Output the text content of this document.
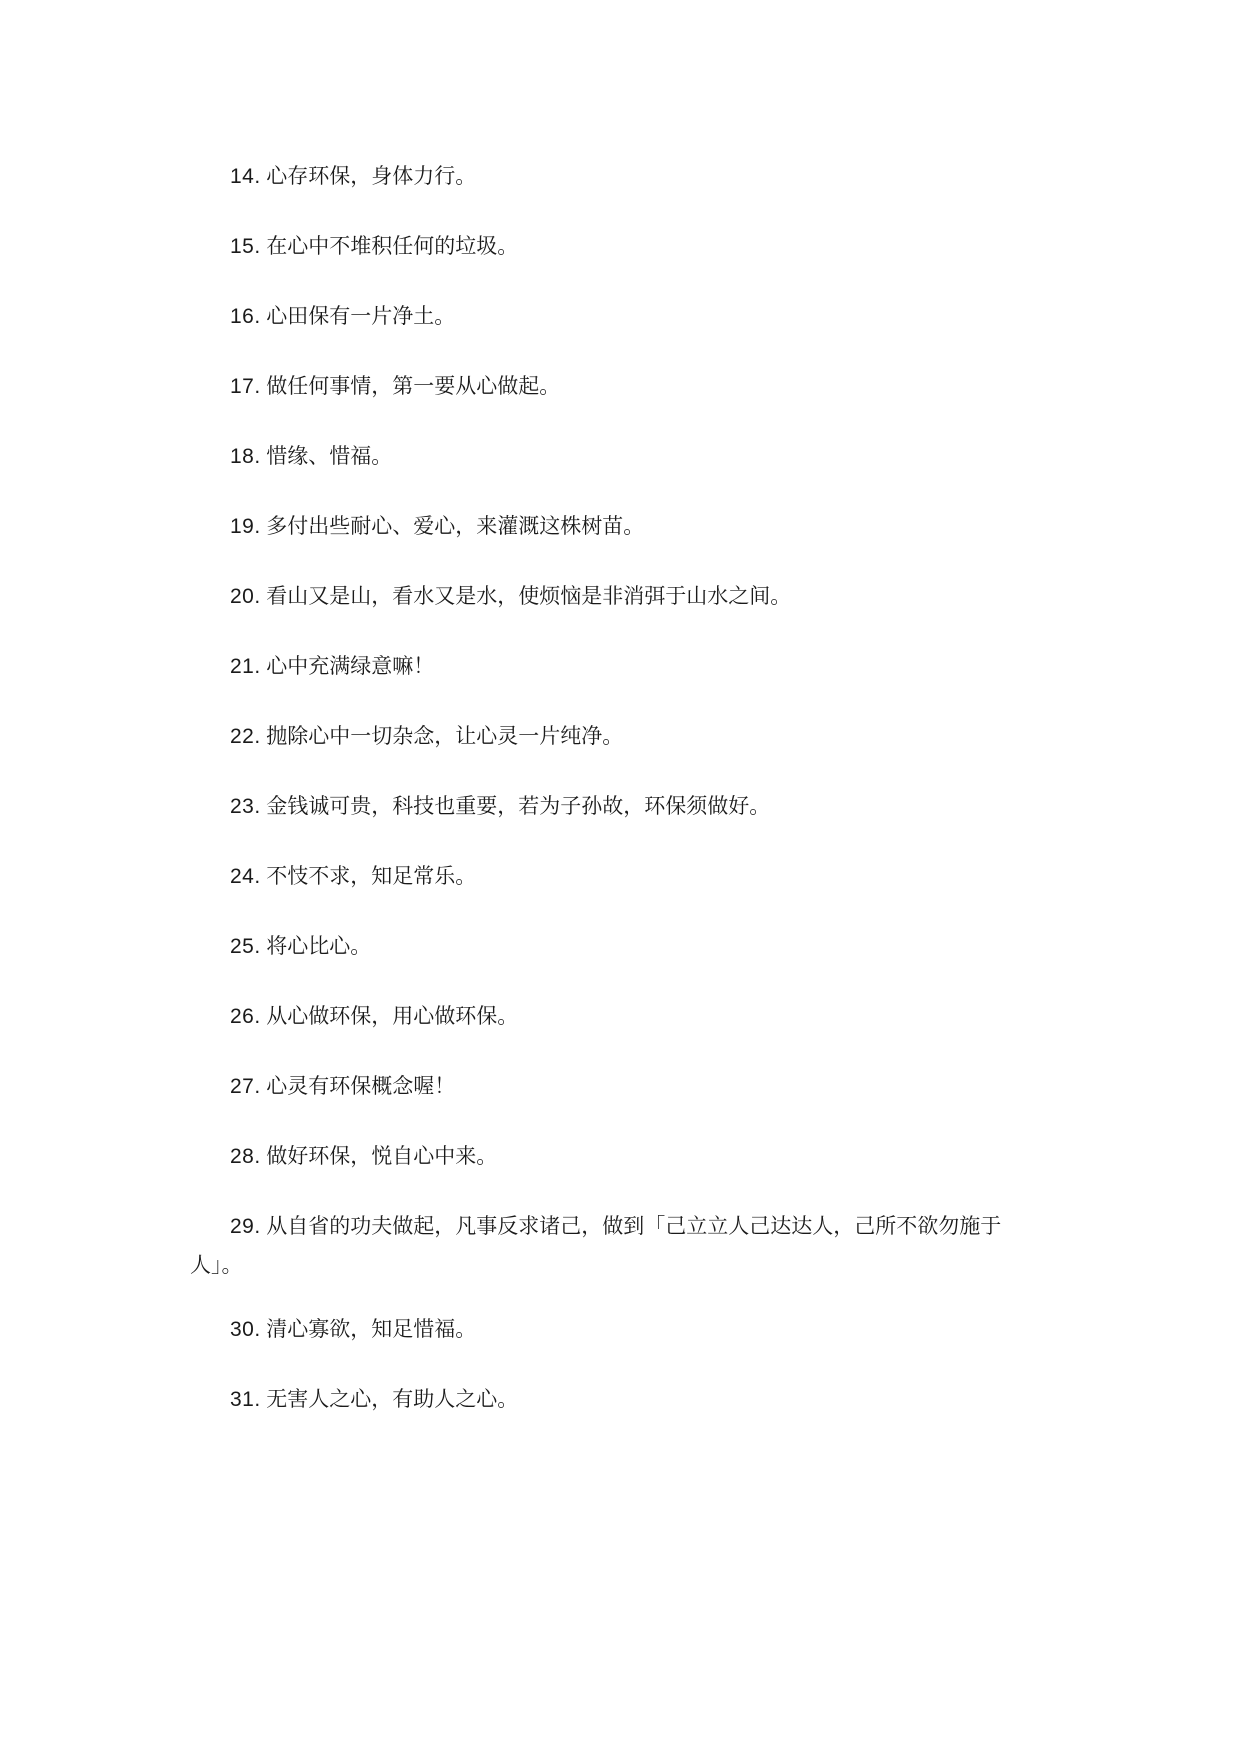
14. 心存环保，身体力行。

15. 在心中不堆积任何的垃圾。

16. 心田保有一片净土。

17. 做任何事情，第一要从心做起。

18. 惜缘、惜福。

19. 多付出些耐心、爱心，来灌溉这株树苗。

20. 看山又是山，看水又是水，使烦恼是非消弭于山水之间。

21. 心中充满绿意嘛！

22. 抛除心中一切杂念，让心灵一片纯净。

23. 金钱诚可贵，科技也重要，若为子孙故，环保须做好。

24. 不忮不求，知足常乐。

25. 将心比心。

26. 从心做环保，用心做环保。

27. 心灵有环保概念喔！

28. 做好环保，悦自心中来。

29. 从自省的功夫做起，凡事反求诸己，做到「己立立人己达达人，己所不欲勿施于人」。

30. 清心寡欲，知足惜福。

31. 无害人之心，有助人之心。
